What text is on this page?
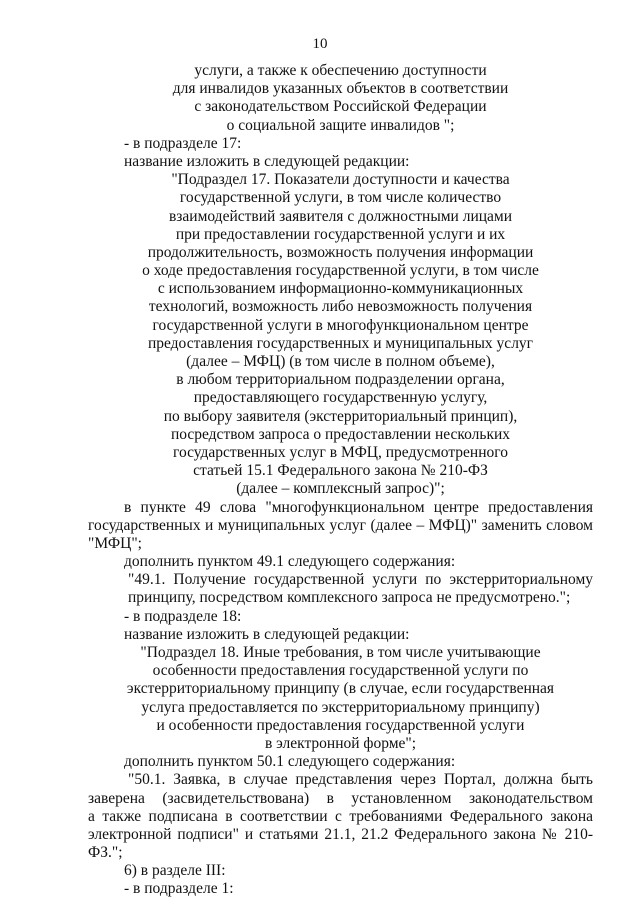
10
услуги, а также к обеспечению доступности
для инвалидов указанных объектов в соответствии
с законодательством Российской Федерации
о социальной защите инвалидов ";
- в подразделе 17:
название изложить в следующей редакции:
"Подраздел 17. Показатели доступности и качества
государственной услуги, в том числе количество
взаимодействий заявителя с должностными лицами
при предоставлении государственной услуги и их
продолжительность, возможность получения информации
о ходе предоставления государственной услуги, в том числе
с использованием информационно-коммуникационных
технологий, возможность либо невозможность получения
государственной услуги в многофункциональном центре
предоставления государственных и муниципальных услуг
(далее – МФЦ) (в том числе в полном объеме),
в любом территориальном подразделении органа,
предоставляющего государственную услугу,
по выбору заявителя (экстерриториальный принцип),
посредством запроса о предоставлении нескольких
государственных услуг в МФЦ, предусмотренного
статьей 15.1 Федерального закона № 210-ФЗ
(далее – комплексный запрос)";
в пункте 49 слова "многофункциональном центре предоставления
государственных и муниципальных услуг (далее – МФЦ)" заменить словом
"МФЦ";
дополнить пунктом 49.1 следующего содержания:
"49.1. Получение государственной услуги по экстерриториальному
принципу, посредством комплексного запроса не предусмотрено.";
- в подразделе 18:
название изложить в следующей редакции:
"Подраздел 18. Иные требования, в том числе учитывающие
особенности предоставления государственной услуги по
экстерриториальному принципу (в случае, если государственная
услуга предоставляется по экстерриториальному принципу)
и особенности предоставления государственной услуги
в электронной форме";
дополнить пунктом 50.1 следующего содержания:
"50.1. Заявка, в случае представления через Портал, должна быть
заверена (засвидетельствована) в установленном законодательством
а также подписана в соответствии с требованиями Федерального закона
электронной подписи" и статьями 21.1, 21.2 Федерального закона № 210-
ФЗ.";
6) в разделе III:
- в подразделе 1:
